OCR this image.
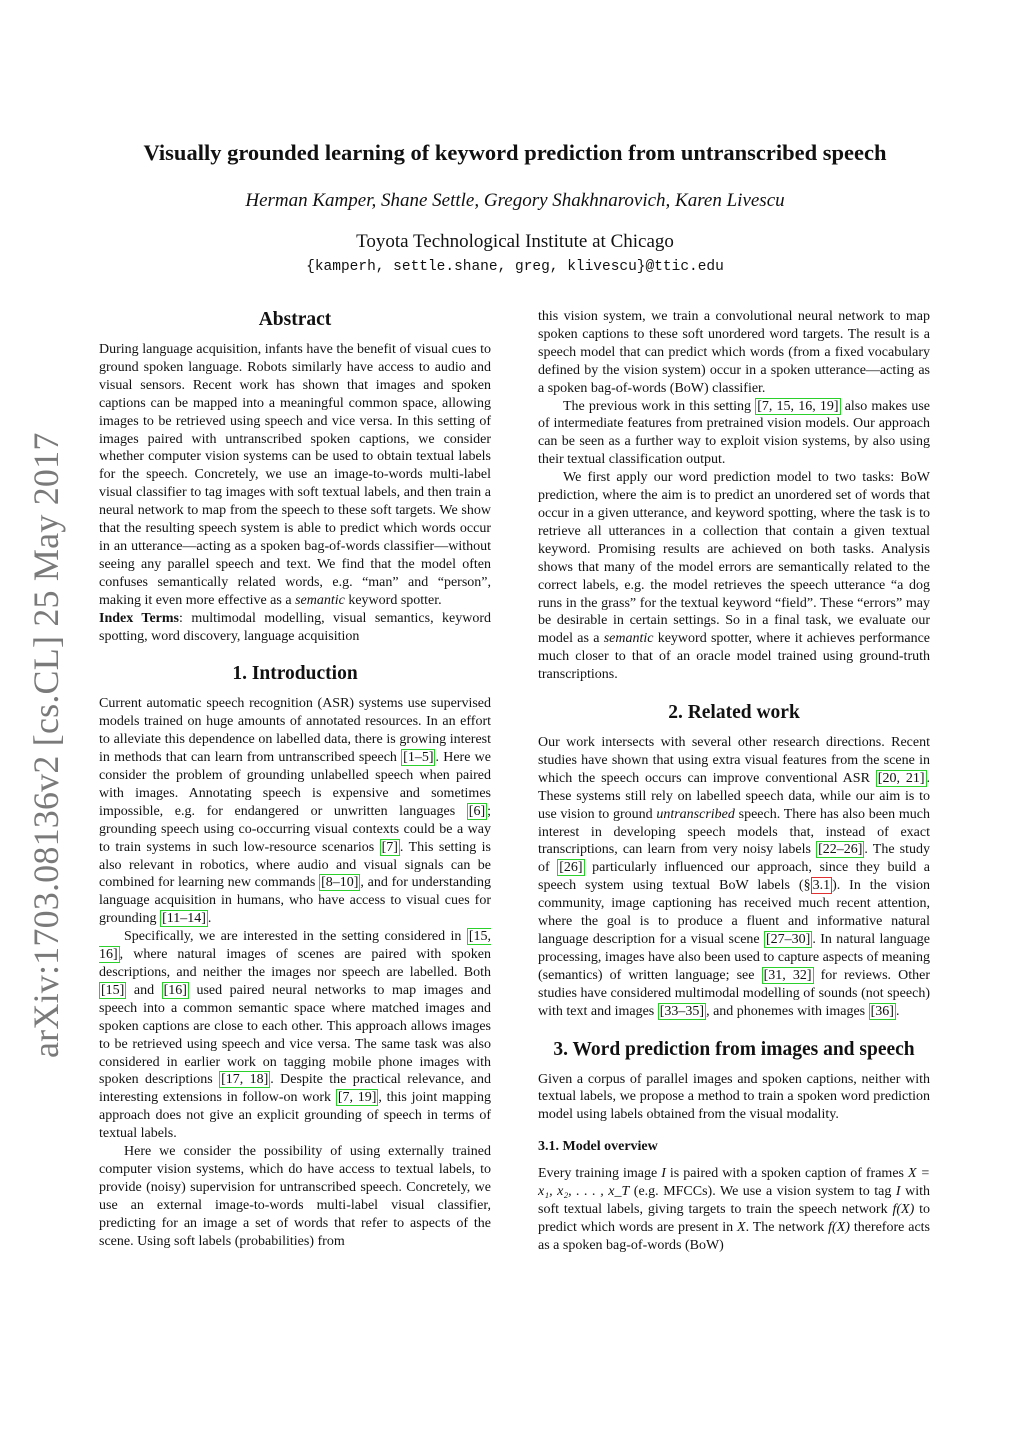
arXiv:1703.08136v2 [cs.CL] 25 May 2017
Visually grounded learning of keyword prediction from untranscribed speech
Herman Kamper, Shane Settle, Gregory Shakhnarovich, Karen Livescu
Toyota Technological Institute at Chicago
{kamperh, settle.shane, greg, klivescu}@ttic.edu
Abstract

During language acquisition, infants have the benefit of visual cues to ground spoken language. Robots similarly have access to audio and visual sensors. Recent work has shown that images and spoken captions can be mapped into a meaningful common space, allowing images to be retrieved using speech and vice versa. In this setting of images paired with untranscribed spoken captions, we consider whether computer vision systems can be used to obtain textual labels for the speech. Concretely, we use an image-to-words multi-label visual classifier to tag images with soft textual labels, and then train a neural network to map from the speech to these soft targets. We show that the resulting speech system is able to predict which words occur in an utterance—acting as a spoken bag-of-words classifier—without seeing any parallel speech and text. We find that the model often confuses semantically related words, e.g. “man” and “person”, making it even more effective as a semantic keyword spotter.

Index Terms: multimodal modelling, visual semantics, keyword spotting, word discovery, language acquisition

1. Introduction

Current automatic speech recognition (ASR) systems use supervised models trained on huge amounts of annotated resources. In an effort to alleviate this dependence on labelled data, there is growing interest in methods that can learn from untranscribed speech [1–5] . Here we consider the problem of grounding unlabelled speech when paired with images. Annotating speech is expensive and sometimes impossible, e.g. for endangered or unwritten languages [6] ; grounding speech using co-occurring visual contexts could be a way to train systems in such low-resource scenarios [7] . This setting is also relevant in robotics, where audio and visual signals can be combined for learning new commands [8–10] , and for understanding language acquisition in humans, who have access to visual cues for grounding [11–14] .

Specifically, we are interested in the setting considered in [15, 16] , where natural images of scenes are paired with spoken descriptions, and neither the images nor speech are labelled. Both [15] and [16] used paired neural networks to map images and speech into a common semantic space where matched images and spoken captions are close to each other. This approach allows images to be retrieved using speech and vice versa. The same task was also considered in earlier work on tagging mobile phone images with spoken descriptions [17, 18] . Despite the practical relevance, and interesting extensions in follow-on work [7, 19] , this joint mapping approach does not give an explicit grounding of speech in terms of textual labels.

Here we consider the possibility of using externally trained computer vision systems, which do have access to textual labels, to provide (noisy) supervision for untranscribed speech. Concretely, we use an external image-to-words multi-label visual classifier, predicting for an image a set of words that refer to aspects of the scene. Using soft labels (probabilities) from

this vision system, we train a convolutional neural network to map spoken captions to these soft unordered word targets. The result is a speech model that can predict which words (from a fixed vocabulary defined by the vision system) occur in a spoken utterance—acting as a spoken bag-of-words (BoW) classifier.

The previous work in this setting [7, 15, 16, 19] also makes use of intermediate features from pretrained vision models. Our approach can be seen as a further way to exploit vision systems, by also using their textual classification output.

We first apply our word prediction model to two tasks: BoW prediction, where the aim is to predict an unordered set of words that occur in a given utterance, and keyword spotting, where the task is to retrieve all utterances in a collection that contain a given textual keyword. Promising results are achieved on both tasks. Analysis shows that many of the model errors are semantically related to the correct labels, e.g. the model retrieves the speech utterance “a dog runs in the grass” for the textual keyword “field”. These “errors” may be desirable in certain settings. So in a final task, we evaluate our model as a semantic keyword spotter, where it achieves performance much closer to that of an oracle model trained using ground-truth transcriptions.

2. Related work

Our work intersects with several other research directions. Recent studies have shown that using extra visual features from the scene in which the speech occurs can improve conventional ASR [20, 21] . These systems still rely on labelled speech data, while our aim is to use vision to ground untranscribed speech. There has also been much interest in developing speech models that, instead of exact transcriptions, can learn from very noisy labels [22–26] . The study of [26] particularly influenced our approach, since they build a speech system using textual BoW labels (§ 3.1 ). In the vision community, image captioning has received much recent attention, where the goal is to produce a fluent and informative natural language description for a visual scene [27–30] . In natural language processing, images have also been used to capture aspects of meaning (semantics) of written language; see [31, 32] for reviews. Other studies have considered multimodal modelling of sounds (not speech) with text and images [33–35] , and phonemes with images [36] .

3. Word prediction from images and speech

Given a corpus of parallel images and spoken captions, neither with textual labels, we propose a method to train a spoken word prediction model using labels obtained from the visual modality.

3.1. Model overview

Every training image I is paired with a spoken caption of frames X = x₁, x₂, . . . , x_T (e.g. MFCCs). We use a vision system to tag I with soft textual labels, giving targets to train the speech network f(X) to predict which words are present in X. The network f(X) therefore acts as a spoken bag-of-words (BoW)
